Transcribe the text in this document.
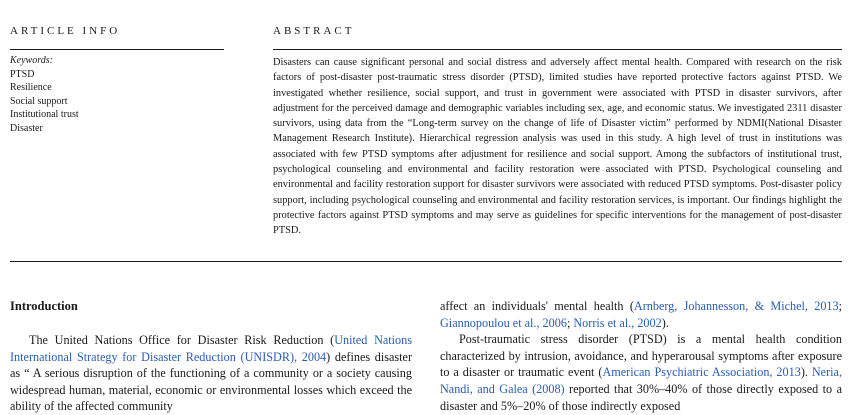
ARTICLE INFO
Keywords:
PTSD
Resilience
Social support
Institutional trust
Disaster
ABSTRACT

Disasters can cause significant personal and social distress and adversely affect mental health. Compared with research on the risk factors of post-disaster post-traumatic stress disorder (PTSD), limited studies have reported protective factors against PTSD. We investigated whether resilience, social support, and trust in government were associated with PTSD in disaster survivors, after adjustment for the perceived damage and demographic variables including sex, age, and economic status. We investigated 2311 disaster survivors, using data from the “Long-term survey on the change of life of Disaster victim” performed by NDMI(National Disaster Management Research Institute). Hierarchical regression analysis was used in this study. A high level of trust in institutions was associated with few PTSD symptoms after adjustment for resilience and social support. Among the subfactors of institutional trust, psychological counseling and environmental and facility restoration were associated with PTSD. Psychological counseling and environmental and facility restoration support for disaster survivors were associated with reduced PTSD symptoms. Post-disaster policy support, including psychological counseling and environmental and facility restoration services, is important. Our findings highlight the protective factors against PTSD symptoms and may serve as guidelines for specific interventions for the management of post-disaster PTSD.

Introduction

The United Nations Office for Disaster Risk Reduction (United Nations International Strategy for Disaster Reduction (UNISDR), 2004) defines disaster as “ A serious disruption of the functioning of a community or a society causing widespread human, material, economic or environmental losses which exceed the ability of the affected community

affect an individuals' mental health (Arnberg, Johannesson, & Michel, 2013; Giannopoulou et al., 2006; Norris et al., 2002).
Post-traumatic stress disorder (PTSD) is a mental health condition characterized by intrusion, avoidance, and hyperarousal symptoms after exposure to a disaster or traumatic event (American Psychiatric Association, 2013). Neria, Nandi, and Galea (2008) reported that 30%–40% of those directly exposed to a disaster and 5%–20% of those indirectly exposed
